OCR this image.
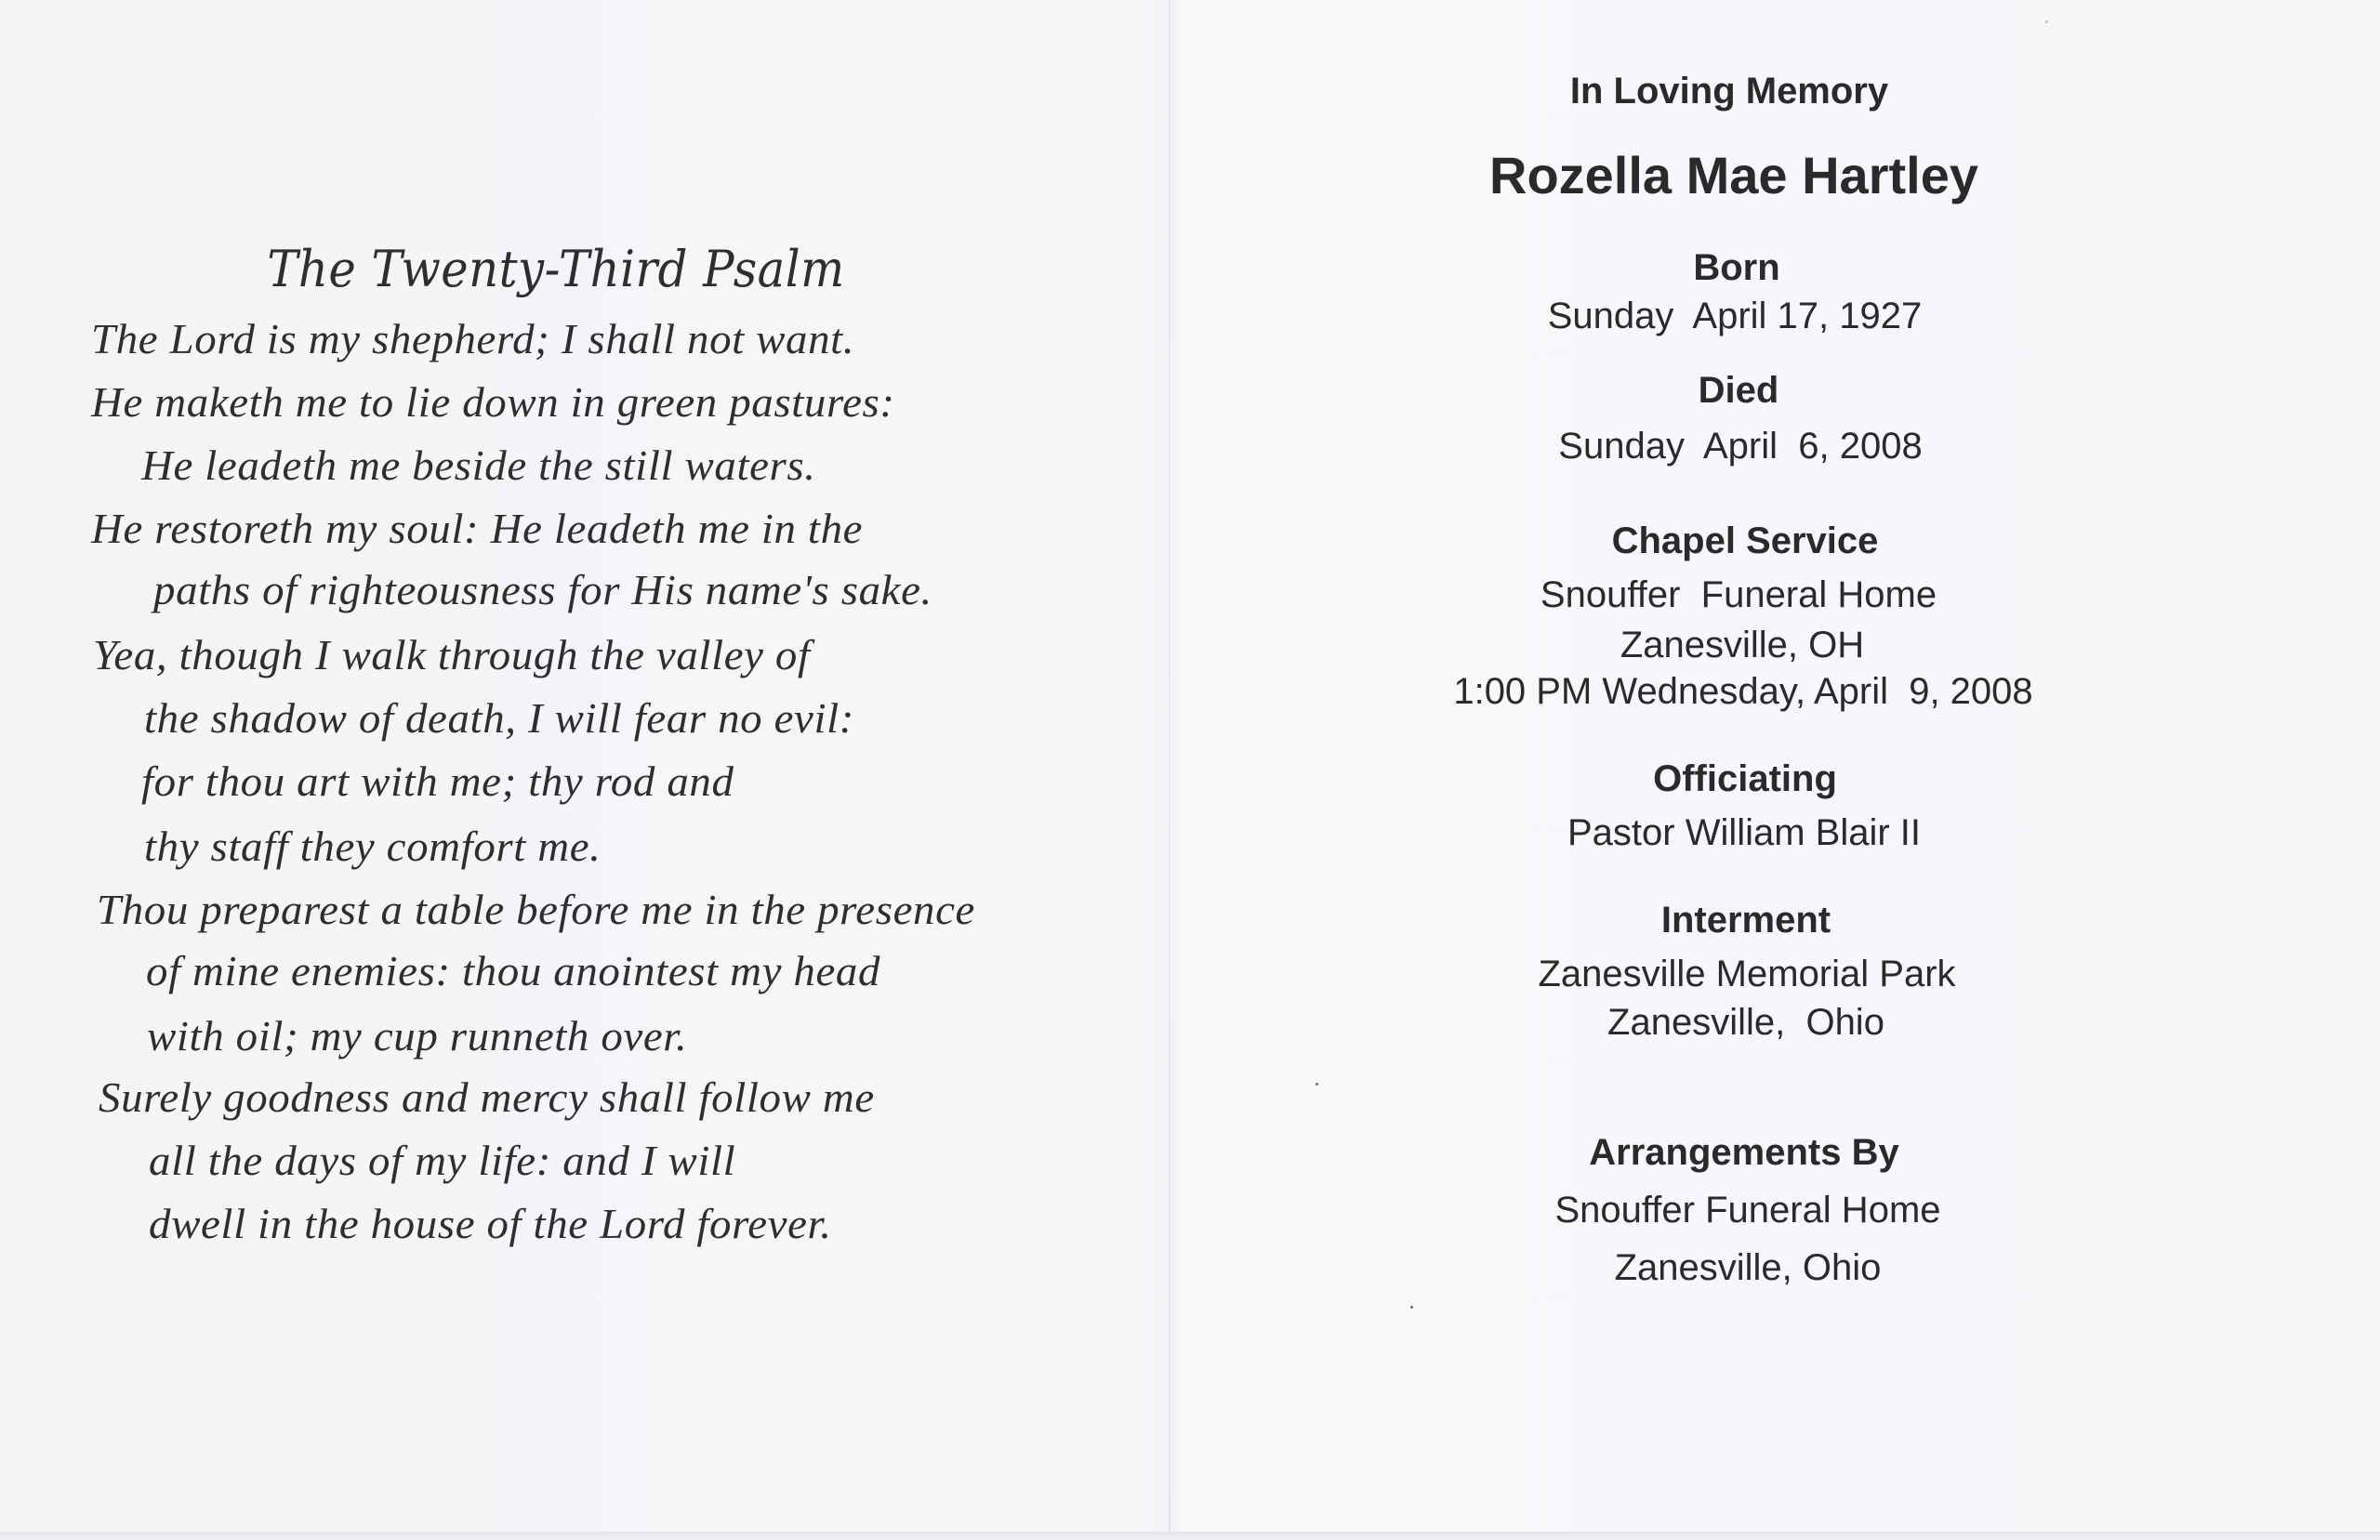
The Twenty-Third Psalm
The Lord is my shepherd; I shall not want.
He maketh me to lie down in green pastures:
He leadeth me beside the still waters.
He restoreth my soul: He leadeth me in the
paths of righteousness for His name's sake.
Yea, though I walk through the valley of
the shadow of death, I will fear no evil:
for thou art with me; thy rod and
thy staff they comfort me.
Thou preparest a table before me in the presence
of mine enemies: thou anointest my head
with oil; my cup runneth over.
Surely goodness and mercy shall follow me
all the days of my life: and I will
dwell in the house of the Lord forever.
In Loving Memory
Rozella Mae Hartley
Born
Sunday  April 17, 1927
Died
Sunday  April  6, 2008
Chapel Service
Snouffer  Funeral Home
Zanesville, OH
1:00 PM Wednesday, April  9, 2008
Officiating
Pastor William Blair II
Interment
Zanesville Memorial Park
Zanesville,  Ohio
Arrangements By
Snouffer Funeral Home
Zanesville, Ohio
